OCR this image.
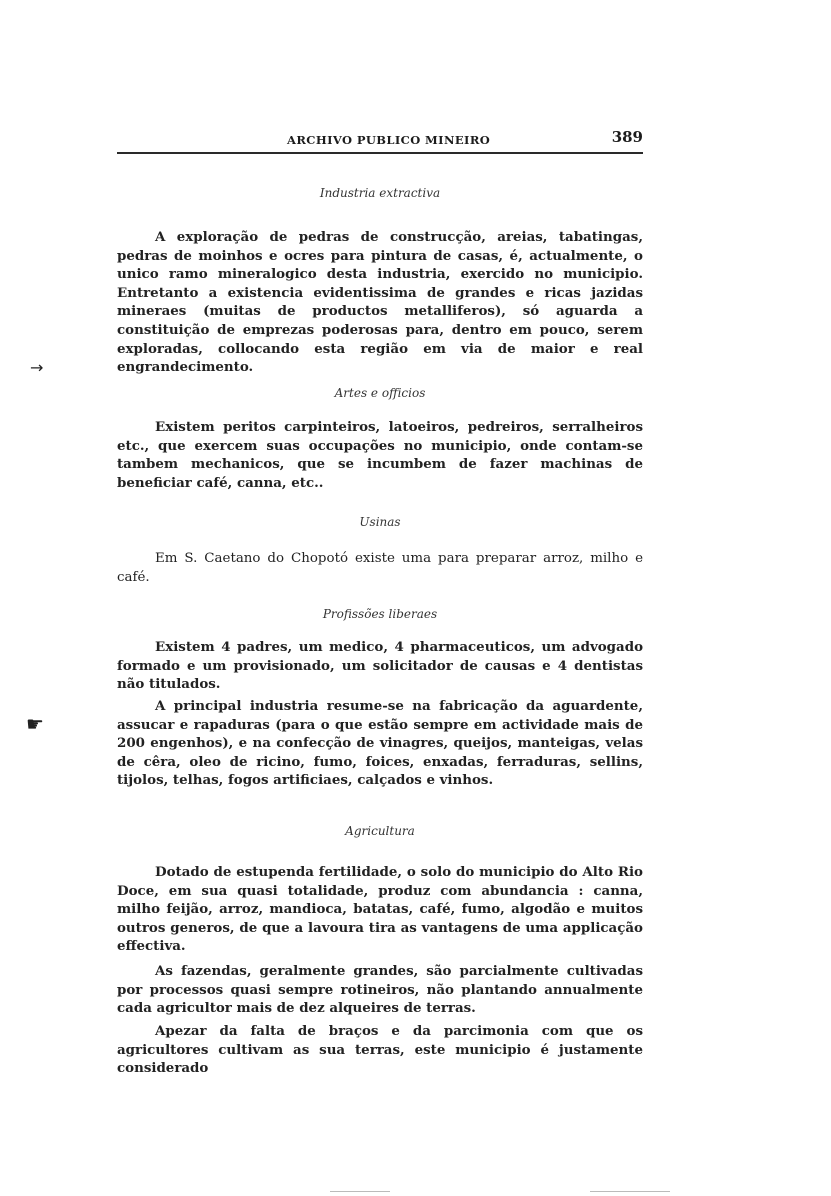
ARCHIVO PUBLICO MINEIRO	389
Industria extractiva

A exploração de pedras de construcção, areias, tabatingas, pedras de moinhos e ocres para pintura de casas, é, actualmente, o unico ramo mineralogico desta industria, exercido no municipio. Entretanto a existencia evidentissima de grandes e ricas jazidas mineraes (muitas de productos metalliferos), só aguarda a constituição de emprezas poderosas para, dentro em pouco, serem exploradas, collocando esta região em via de maior e real engrandecimento.

Artes e officios

Existem peritos carpinteiros, latoeiros, pedreiros, serralheiros etc., que exercem suas occupações no municipio, onde contam-se tambem mechanicos, que se incumbem de fazer machinas de beneficiar café, canna, etc..

Usinas

Em S. Caetano do Chopotó existe uma para preparar arroz, milho e café.

Profissões liberaes

Existem 4 padres, um medico, 4 pharmaceuticos, um advogado formado e um provisionado, um solicitador de causas e 4 dentistas não titulados.

A principal industria resume-se na fabricação da aguardente, assucar e rapaduras (para o que estão sempre em actividade mais de 200 engenhos), e na confecção de vinagres, queijos, manteigas, velas de cêra, oleo de ricino, fumo, foices, enxadas, ferraduras, sellins, tijolos, telhas, fogos artificiaes, calçados e vinhos.

Agricultura

Dotado de estupenda fertilidade, o solo do municipio do Alto Rio Doce, em sua quasi totalidade, produz com abundancia : canna, milho feijão, arroz, mandioca, batatas, café, fumo, algodão e muitos outros generos, de que a lavoura tira as vantagens de uma applicação effectiva.

As fazendas, geralmente grandes, são parcialmente cultivadas por processos quasi sempre rotineiros, não plantando annualmente cada agricultor mais de dez alqueires de terras.

Apezar da falta de braços e da parcimonia com que os agricultores cultivam as sua terras, este municipio é justamente considerado

→
☛
